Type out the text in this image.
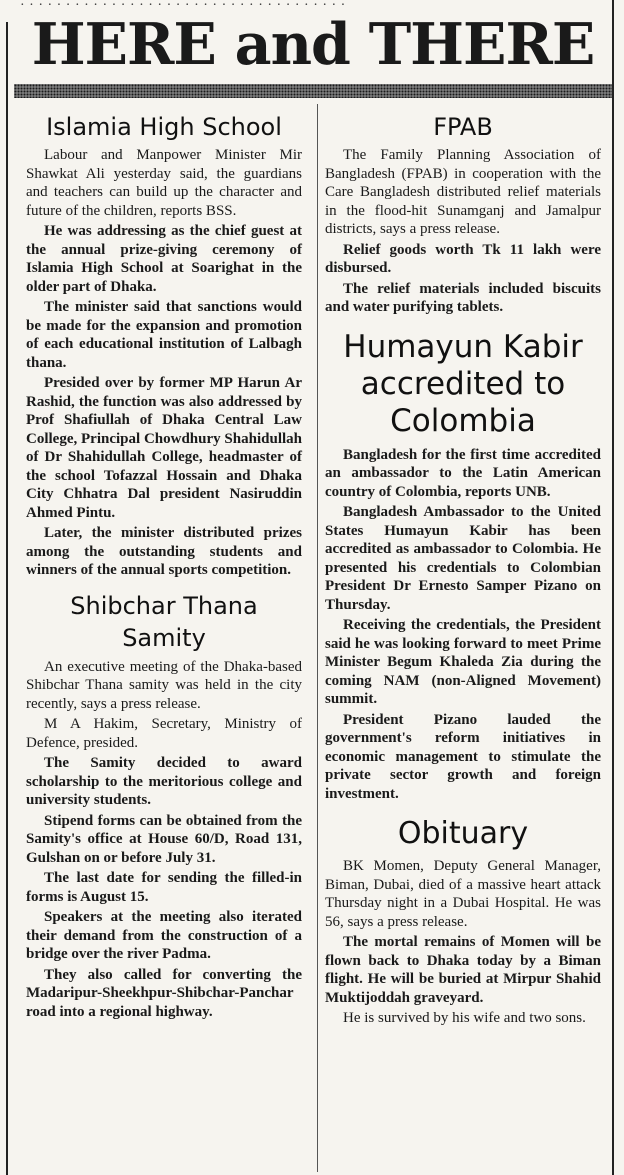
· · · · · · · · · · · · · · · · · · · · · · · · · · · · · · · · · · · ·
HERE and THERE
Islamia High School

Labour and Manpower Minister Mir Shawkat Ali yesterday said, the guardians and teachers can build up the character and future of the children, reports BSS.

He was addressing as the chief guest at the annual prize-giving ceremony of Islamia High School at Soarighat in the older part of Dhaka.

The minister said that sanctions would be made for the expansion and promotion of each educational institution of Lalbagh thana.

Presided over by former MP Harun Ar Rashid, the function was also addressed by Prof Shafiullah of Dhaka Central Law College, Principal Chowdhury Shahidullah of Dr Shahidullah College, headmaster of the school Tofazzal Hossain and Dhaka City Chhatra Dal president Nasiruddin Ahmed Pintu.

Later, the minister distributed prizes among the outstanding students and winners of the annual sports competition.

Shibchar Thana Samity

An executive meeting of the Dhaka-based Shibchar Thana samity was held in the city recently, says a press release.

M A Hakim, Secretary, Ministry of Defence, presided.

The Samity decided to award scholarship to the meritorious college and university students.

Stipend forms can be obtained from the Samity's office at House 60/D, Road 131, Gulshan on or before July 31.

The last date for sending the filled-in forms is August 15.

Speakers at the meeting also iterated their demand from the construction of a bridge over the river Padma.

They also called for converting the Madaripur-Sheekhpur-Shibchar-Panchar road into a regional highway.

FPAB

The Family Planning Association of Bangladesh (FPAB) in cooperation with the Care Bangladesh distributed relief materials in the flood-hit Sunamganj and Jamalpur districts, says a press release.

Relief goods worth Tk 11 lakh were disbursed.

The relief materials included biscuits and water purifying tablets.

Humayun Kabir accredited to Colombia

Bangladesh for the first time accredited an ambassador to the Latin American country of Colombia, reports UNB.

Bangladesh Ambassador to the United States Humayun Kabir has been accredited as ambassador to Colombia. He presented his credentials to Colombian President Dr Ernesto Samper Pizano on Thursday.

Receiving the credentials, the President said he was looking forward to meet Prime Minister Begum Khaleda Zia during the coming NAM (non-Aligned Movement) summit.

President Pizano lauded the government's reform initiatives in economic management to stimulate the private sector growth and foreign investment.

Obituary

BK Momen, Deputy General Manager, Biman, Dubai, died of a massive heart attack Thursday night in a Dubai Hospital. He was 56, says a press release.

The mortal remains of Momen will be flown back to Dhaka today by a Biman flight. He will be buried at Mirpur Shahid Muktijoddah graveyard.

He is survived by his wife and two sons.
